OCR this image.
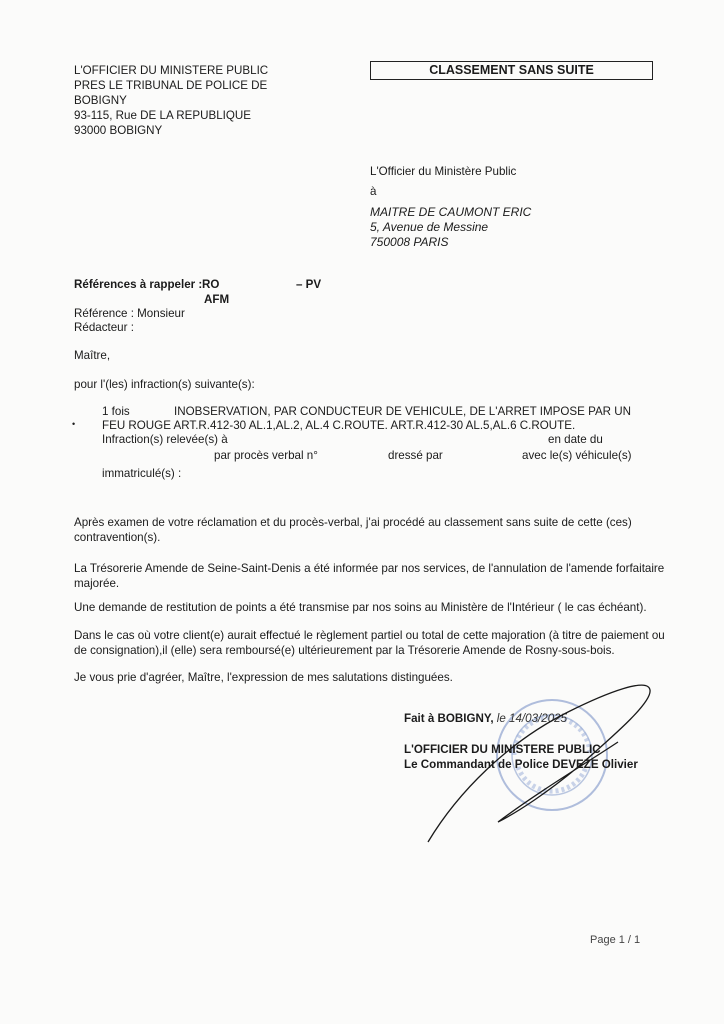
L'OFFICIER DU MINISTERE PUBLIC
PRES LE TRIBUNAL DE POLICE DE
BOBIGNY
93-115, Rue DE LA REPUBLIQUE
93000 BOBIGNY
CLASSEMENT SANS SUITE
L'Officier du Ministère Public
à
MAITRE DE CAUMONT ERIC
5, Avenue de Messine
750008 PARIS
Références à rappeler : RO	– PV
AFM
Référence : Monsieur
Rédacteur :
Maître,
pour l'(les) infraction(s) suivante(s):
•
1 fois	INOBSERVATION, PAR CONDUCTEUR DE VEHICULE, DE L'ARRET IMPOSE PAR UN
FEU ROUGE ART.R.412-30 AL.1,AL.2, AL.4 C.ROUTE. ART.R.412-30 AL.5,AL.6 C.ROUTE.
Infraction(s) relevée(s) à	en date du
par procès verbal n°	dressé par	avec le(s) véhicule(s)
immatriculé(s) :
Après examen de votre réclamation et du procès-verbal, j'ai procédé au classement sans suite de cette (ces) contravention(s).
La Trésorerie Amende de Seine-Saint-Denis a été informée par nos services, de l'annulation de l'amende forfaitaire majorée.
Une demande de restitution de points a été transmise par nos soins au Ministère de l'Intérieur ( le cas échéant).
Dans le cas où votre client(e) aurait effectué le règlement partiel ou total de cette majoration (à titre de paiement ou de consignation),il (elle) sera remboursé(e) ultérieurement par la Trésorerie Amende de Rosny-sous-bois.
Je vous prie d'agréer, Maître, l'expression de mes salutations distinguées.
Fait à BOBIGNY, le 14/03/2025
L'OFFICIER DU MINISTERE PUBLIC
Le Commandant de Police DEVEZE Olivier
Page 1 / 1
